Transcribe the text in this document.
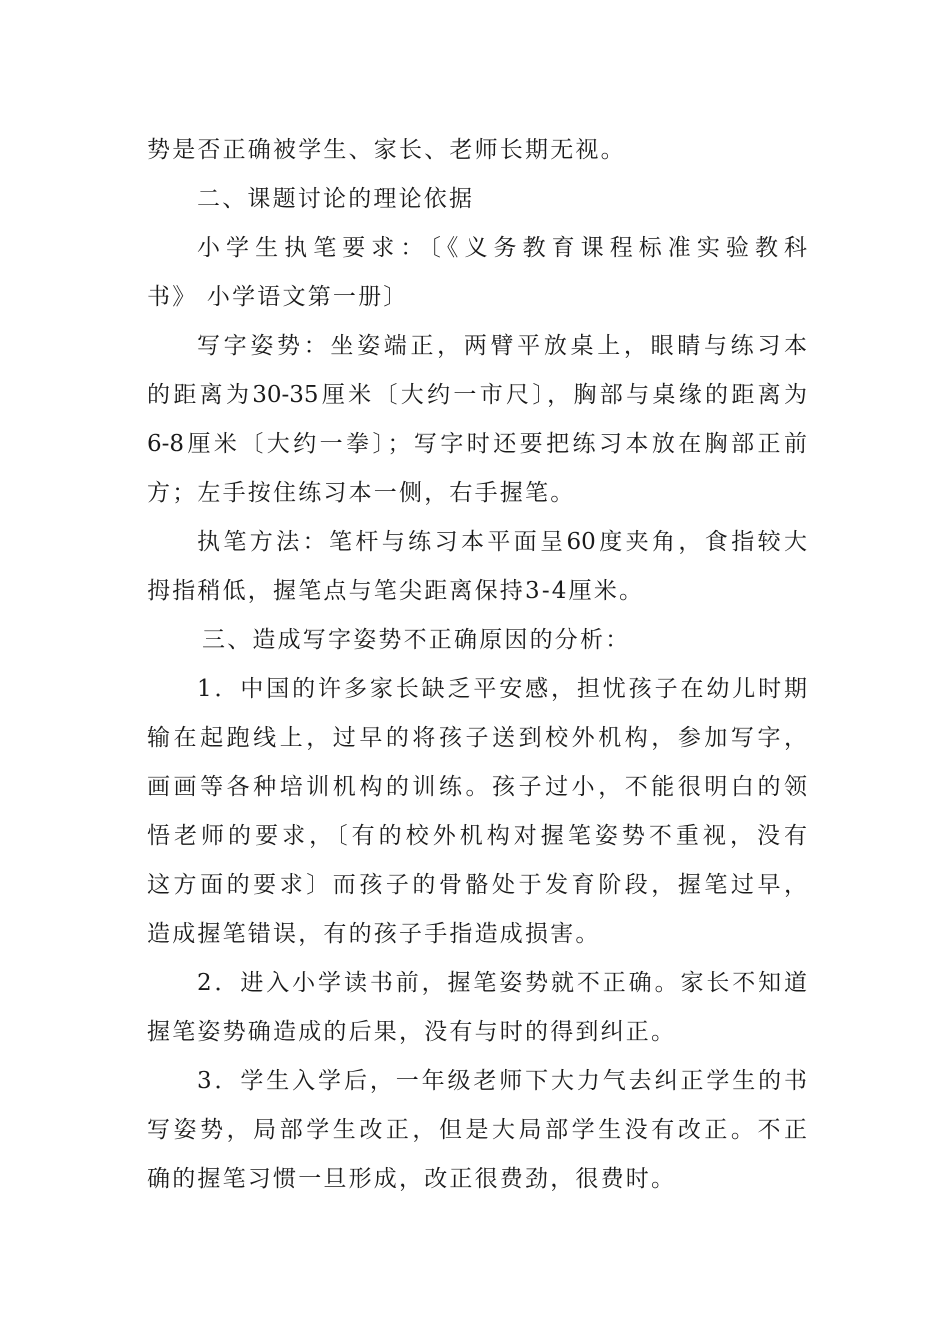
势是否正确被学生、家长、老师长期无视。
二、课题讨论的理论依据
小学生执笔要求：〔《义务教育课程标准实验教科
书》 小学语文第一册〕
写字姿势：坐姿端正，两臂平放桌上，眼睛与练习本
的距离为30-35厘米〔大约一市尺〕，胸部与桌缘的距离为
6-8厘米〔大约一拳〕；写字时还要把练习本放在胸部正前
方；左手按住练习本一侧，右手握笔。
执笔方法：笔杆与练习本平面呈60度夹角，食指较大
拇指稍低，握笔点与笔尖距离保持3-4厘米。
三、造成写字姿势不正确原因的分析：
1．中国的许多家长缺乏平安感，担忧孩子在幼儿时期
输在起跑线上，过早的将孩子送到校外机构，参加写字，
画画等各种培训机构的训练。孩子过小，不能很明白的领
悟老师的要求，〔有的校外机构对握笔姿势不重视，没有
这方面的要求〕而孩子的骨骼处于发育阶段，握笔过早，
造成握笔错误，有的孩子手指造成损害。
2．进入小学读书前，握笔姿势就不正确。家长不知道
握笔姿势确造成的后果，没有与时的得到纠正。
3．学生入学后，一年级老师下大力气去纠正学生的书
写姿势，局部学生改正，但是大局部学生没有改正。不正
确的握笔习惯一旦形成，改正很费劲，很费时。
